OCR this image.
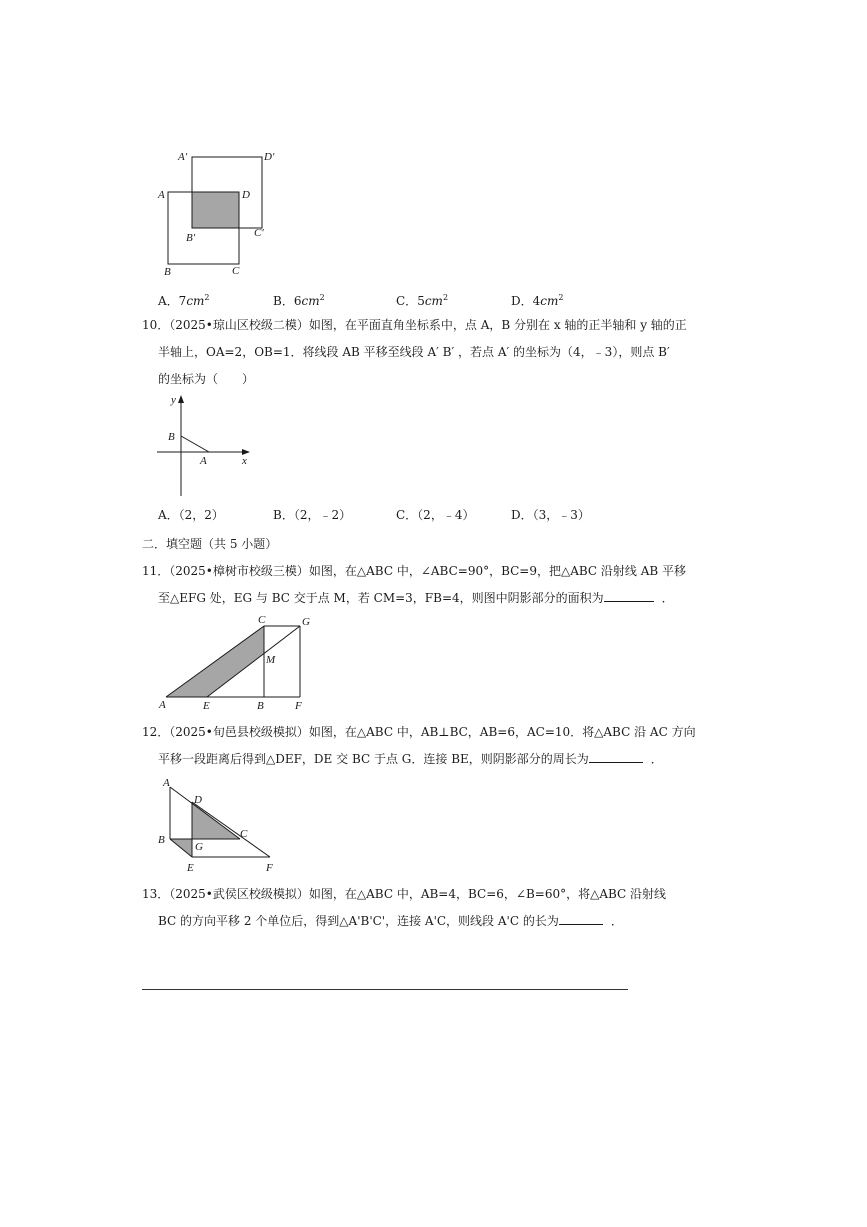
A′	D′
A	D
B′	C′
B	C
A．$7cm^2$	B．$6cm^2$	C．$5cm^2$	D．$4cm^2$
10．（2025•琼山区校级二模）如图，在平面直角坐标系中，点 A，B 分别在 x 轴的正半轴和 y 轴的正
半轴上，OA=2，OB=1．将线段 AB 平移至线段 A′ B′ ，若点 A′ 的坐标为（4，﹣3），则点 B′
的坐标为（　　）
y
x
B
A
A．（2，2）	B．（2，﹣2）	C．（2，﹣4）	D．（3，﹣3）
二．填空题（共 5 小题）
11．（2025•樟树市校级三模）如图，在△ABC 中，∠ABC=90°，BC=9，把△ABC 沿射线 AB 平移
至△EFG 处，EG 与 BC 交于点 M，若 CM=3，FB=4，则图中阴影部分的面积为	．
C	G
M
A	E	B	F
12．（2025•旬邑县校级模拟）如图，在△ABC 中，AB⊥BC，AB=6，AC=10．将△ABC 沿 AC 方向
平移一段距离后得到△DEF，DE 交 BC 于点 G．连接 BE，则阴影部分的周长为	．
A
D
C
B
G
E	F
13．（2025•武侯区校级模拟）如图，在△ABC 中，AB=4，BC=6，∠B=60°，将△ABC 沿射线
BC 的方向平移 2 个单位后，得到△A'B'C'，连接 A'C，则线段 A'C 的长为	．
